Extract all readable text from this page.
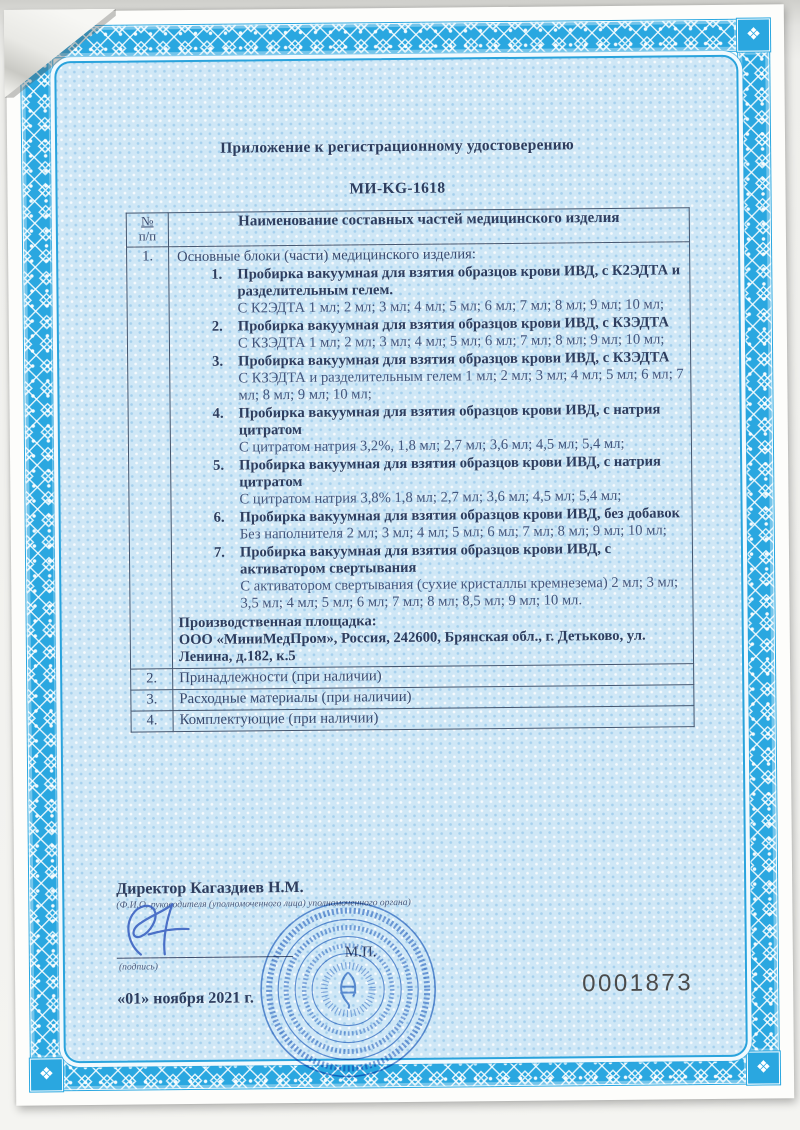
❖
❖	❖
Приложение к регистрационному удостоверению
МИ-KG-1618
№
п/п	Наименование составных частей медицинского изделия
1.	Основные блоки (части) медицинского изделия:
1.	Пробирка вакуумная для взятия образцов крови ИВД, с К2ЭДТА и разделительным гелем.
С К2ЭДТА 1 мл; 2 мл; 3 мл; 4 мл; 5 мл; 6 мл; 7 мл; 8 мл; 9 мл; 10 мл;
2.	Пробирка вакуумная для взятия образцов крови ИВД, с КЗЭДТА
С КЗЭДТА 1 мл; 2 мл; 3 мл; 4 мл; 5 мл; 6 мл; 7 мл; 8 мл; 9 мл; 10 мл;
3.	Пробирка вакуумная для взятия образцов крови ИВД, с КЗЭДТА
С КЗЭДТА и разделительным гелем 1 мл; 2 мл; 3 мл; 4 мл; 5 мл; 6 мл; 7 мл; 8 мл; 9 мл; 10 мл;
4.	Пробирка вакуумная для взятия образцов крови ИВД, с натрия цитратом
С цитратом натрия 3,2%, 1,8 мл; 2,7 мл; 3,6 мл; 4,5 мл; 5,4 мл;
5.	Пробирка вакуумная для взятия образцов крови ИВД, с натрия цитратом
С цитратом натрия 3,8% 1,8 мл; 2,7 мл; 3,6 мл; 4,5 мл; 5,4 мл;
6.	Пробирка вакуумная для взятия образцов крови ИВД, без добавок
Без наполнителя 2 мл; 3 мл; 4 мл; 5 мл; 6 мл; 7 мл; 8 мл; 9 мл; 10 мл;
7.	Пробирка вакуумная для взятия образцов крови ИВД, с активатором свертывания
С активатором свертывания (сухие кристаллы кремнезема) 2 мл; 3 мл; 3,5 мл; 4 мл; 5 мл; 6 мл; 7 мл; 8 мл; 8,5 мл; 9 мл; 10 мл.
Производственная площадка:
ООО «МиниМедПром», Россия, 242600, Брянская обл., г. Детьково, ул. Ленина, д.182, к.5

2.	Принадлежности (при наличии)
3.	Расходные материалы (при наличии)
4.	Комплектующие (при наличии)
Директор Кагаздиев Н.М.
(Ф.И.О. руководителя (уполномоченного лица) уполномоченного органа)
М.П.
(подпись)
«01» ноября 2021 г.
0001873
